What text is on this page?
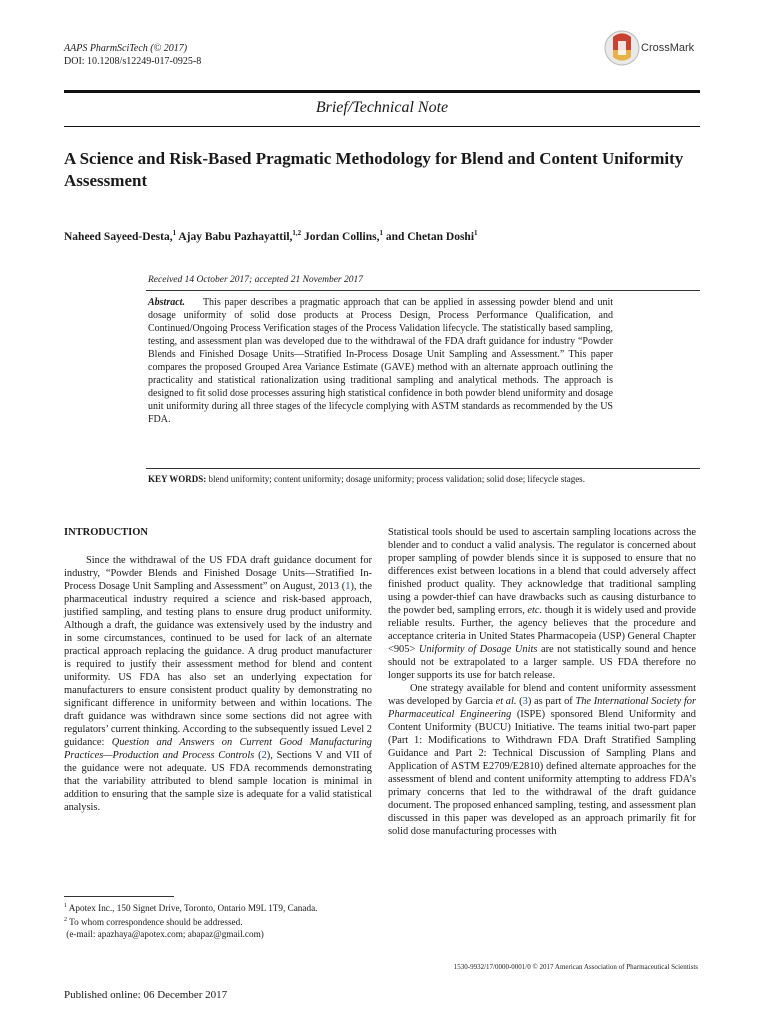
AAPS PharmSciTech (© 2017)
DOI: 10.1208/s12249-017-0925-8
CrossMark
Brief/Technical Note
A Science and Risk-Based Pragmatic Methodology for Blend and Content Uniformity Assessment
Naheed Sayeed-Desta,$^1$ Ajay Babu Pazhayattil,$^{1,2}$ Jordan Collins,$^1$ and Chetan Doshi$^1$
Received 14 October 2017; accepted 21 November 2017
Abstract. This paper describes a pragmatic approach that can be applied in assessing powder blend and unit dosage uniformity of solid dose products at Process Design, Process Performance Qualification, and Continued/Ongoing Process Verification stages of the Process Validation lifecycle. The statistically based sampling, testing, and assessment plan was developed due to the withdrawal of the FDA draft guidance for industry “Powder Blends and Finished Dosage Units—Stratified In-Process Dosage Unit Sampling and Assessment.” This paper compares the proposed Grouped Area Variance Estimate (GAVE) method with an alternate approach outlining the practicality and statistical rationalization using traditional sampling and analytical methods. The approach is designed to fit solid dose processes assuring high statistical confidence in both powder blend uniformity and dosage unit uniformity during all three stages of the lifecycle complying with ASTM standards as recommended by the US FDA.
KEY WORDS: blend uniformity; content uniformity; dosage uniformity; process validation; solid dose; lifecycle stages.
INTRODUCTION

Since the withdrawal of the US FDA draft guidance document for industry, “Powder Blends and Finished Dosage Units—Stratified In-Process Dosage Unit Sampling and Assessment” on August, 2013 (1), the pharmaceutical industry required a science and risk-based approach, justified sampling, and testing plans to ensure drug product uniformity. Although a draft, the guidance was extensively used by the industry and in some circumstances, continued to be used for lack of an alternate practical approach replacing the guidance. A drug product manufacturer is required to justify their assessment method for blend and content uniformity. US FDA has also set an underlying expectation for manufacturers to ensure consistent product quality by demonstrating no significant difference in uniformity between and within locations. The draft guidance was withdrawn since some sections did not agree with regulators’ current thinking. According to the subsequently issued Level 2 guidance: Question and Answers on Current Good Manufacturing Practices—Production and Process Controls (2), Sections V and VII of the guidance were not adequate. US FDA recommends demonstrating that the variability attributed to blend sample location is minimal in addition to ensuring that the sample size is adequate for a valid statistical analysis.

Statistical tools should be used to ascertain sampling locations across the blender and to conduct a valid analysis. The regulator is concerned about proper sampling of powder blends since it is supposed to ensure that no differences exist between locations in a blend that could adversely affect finished product quality. They acknowledge that traditional sampling using a powder-thief can have drawbacks such as causing disturbance to the powder bed, sampling errors, etc. though it is widely used and provide reliable results. Further, the agency believes that the procedure and acceptance criteria in United States Pharmacopeia (USP) General Chapter <905> Uniformity of Dosage Units are not statistically sound and hence should not be extrapolated to a larger sample. US FDA therefore no longer supports its use for batch release.

One strategy available for blend and content uniformity assessment was developed by Garcia et al. (3) as part of The International Society for Pharmaceutical Engineering (ISPE) sponsored Blend Uniformity and Content Uniformity (BUCU) Initiative. The teams initial two-part paper (Part 1: Modifications to Withdrawn FDA Draft Stratified Sampling Guidance and Part 2: Technical Discussion of Sampling Plans and Application of ASTM E2709/E2810) defined alternate approaches for the assessment of blend and content uniformity attempting to address FDA’s primary concerns that led to the withdrawal of the draft guidance document. The proposed enhanced sampling, testing, and assessment plan discussed in this paper was developed as an approach primarily fit for solid dose manufacturing processes with

$^1$ Apotex Inc., 150 Signet Drive, Toronto, Ontario M9L 1T9, Canada.
$^2$ To whom correspondence should be addressed.
(e-mail: apazhaya@apotex.com; abapaz@gmail.com)
1530-9932/17/0000-0001/0 © 2017 American Association of Pharmaceutical Scientists
Published online: 06 December 2017
